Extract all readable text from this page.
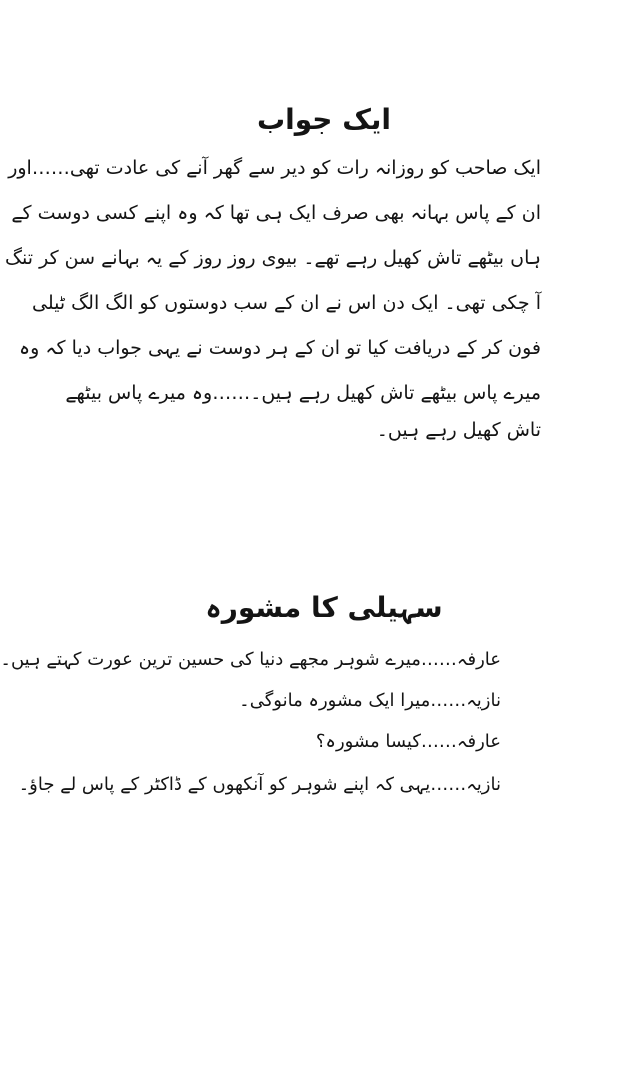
ایک جواب
ایک صاحب کو روزانہ رات کو دیر سے گھر آنے کی عادت تھی……اور
ان کے پاس بہانہ بھی صرف ایک ہی تھا کہ وہ اپنے کسی دوست کے
ہاں بیٹھے تاش کھیل رہے تھے۔ بیوی روز روز کے یہ بہانے سن کر تنگ
آ چکی تھی۔ ایک دن اس نے ان کے سب دوستوں کو الگ الگ ٹیلی
فون کر کے دریافت کیا تو ان کے ہر دوست نے یہی جواب دیا کہ وہ
میرے پاس بیٹھے تاش کھیل رہے ہیں۔……وہ میرے پاس بیٹھے
تاش کھیل رہے ہیں۔
سہیلی کا مشورہ
عارفہ……میرے شوہر مجھے دنیا کی حسین ترین عورت کہتے ہیں۔
نازیہ……میرا ایک مشورہ مانوگی۔
عارفہ……کیسا مشورہ؟
نازیہ……یہی کہ اپنے شوہر کو آنکھوں کے ڈاکٹر کے پاس لے جاؤ۔
